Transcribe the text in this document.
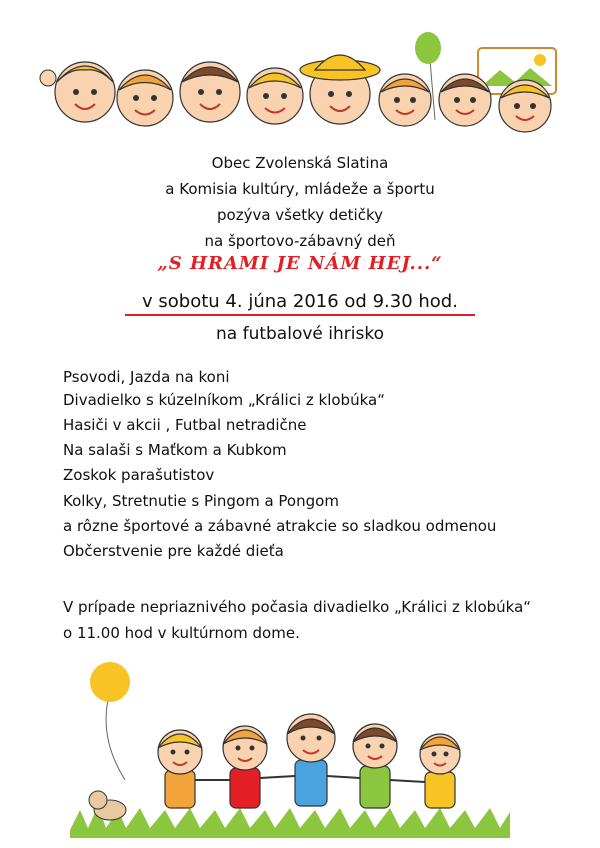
Obec Zvolenská Slatina
a Komisia kultúry, mládeže a športu
pozýva všetky detičky
na športovo-zábavný deň
„S HRAMI JE NÁM HEJ...“
v sobotu 4. júna 2016 od 9.30 hod.
na futbalové ihrisko
Psovodi, Jazda na koni
Divadielko s kúzelníkom „Králici z klobúka“
Hasiči v akcii , Futbal netradične
Na salaši s Maťkom a Kubkom
Zoskok parašutistov
Kolky, Stretnutie s Pingom a Pongom
a rôzne športové a zábavné atrakcie so sladkou odmenou
Občerstvenie pre každé dieťa
V prípade nepriaznivého počasia divadielko „Králici z klobúka“
o 11.00 hod v kultúrnom dome.
